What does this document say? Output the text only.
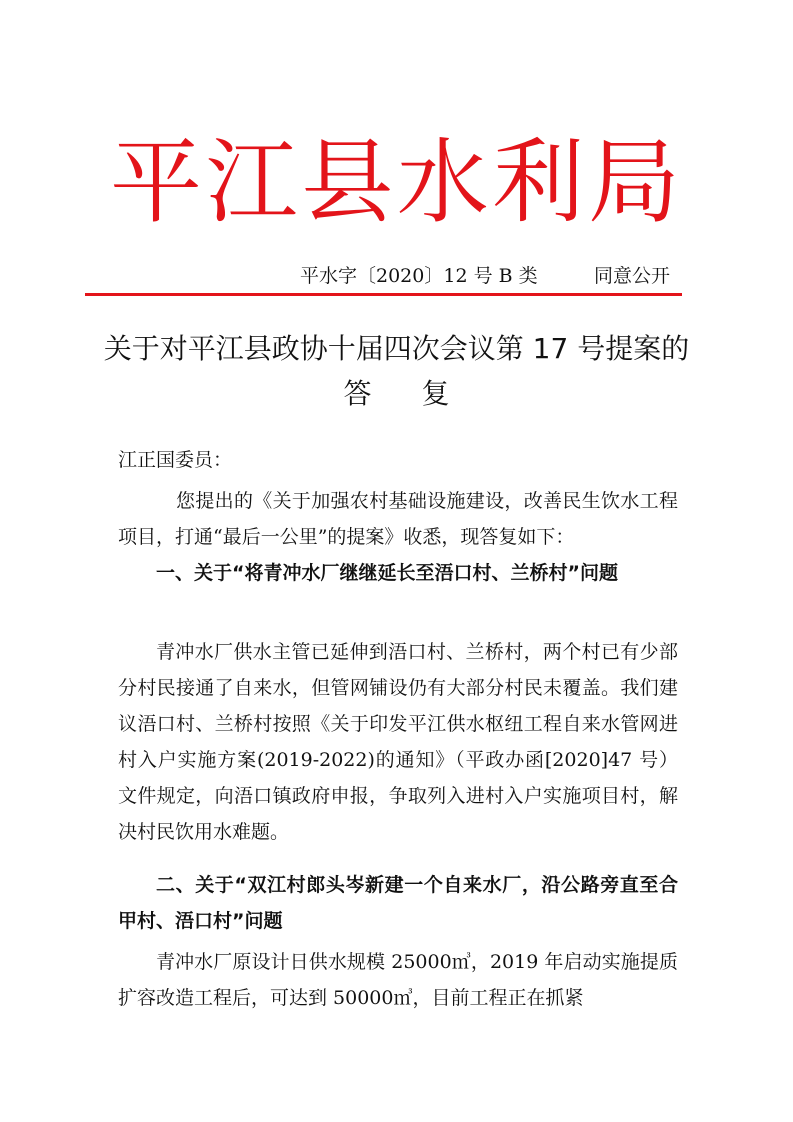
平 江 县 水 利 局
平水字〔2020〕12 号 B 类	同意公开
关于对平江县政协十届四次会议第 17 号提案的
答复
江正国委员：

您提出的《关于加强农村基础设施建设，改善民生饮水工程项目，打通“最后一公里”的提案》收悉，现答复如下：

一、关于“将青冲水厂继继延长至浯口村、兰桥村”问题

青冲水厂供水主管已延伸到浯口村、兰桥村，两个村已有少部分村民接通了自来水，但管网铺设仍有大部分村民未覆盖。我们建议浯口村、兰桥村按照《关于印发平江供水枢纽工程自来水管网进村入户实施方案(2019-2022)的通知》（平政办函[2020]47 号）文件规定，向浯口镇政府申报，争取列入进村入户实施项目村，解决村民饮用水难题。

二、关于“双江村郎头岑新建一个自来水厂，沿公路旁直至合甲村、浯口村”问题

青冲水厂原设计日供水规模 25000㎥，2019 年启动实施提质扩容改造工程后，可达到 50000㎥，目前工程正在抓紧
